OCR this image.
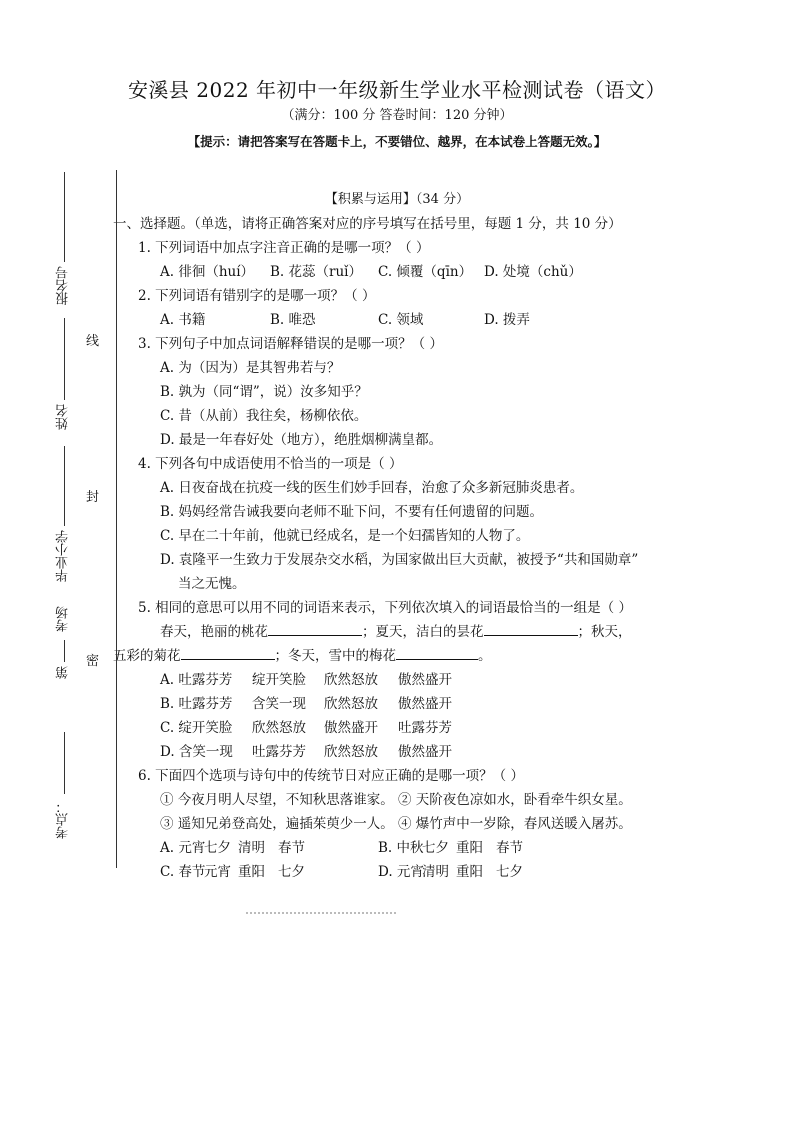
安溪县 2022 年初中一年级新生学业水平检测试卷（语文）
（满分：100 分 答卷时间：120 分钟）
【提示：请把答案写在答题卡上，不要错位、越界，在本试卷上答题无效。】
【积累与运用】（34 分）
一、选择题。（单选，请将正确答案对应的序号填写在括号里，每题 1 分，共 10 分）
1. 下列词语中加点字注音正确的是哪一项？（ ）
A. 徘徊（huí） B. 花蕊（ruǐ） C. 倾覆（qīn） D. 处境（chǔ）
2. 下列词语有错别字的是哪一项？（ ）
A. 书籍	B. 唯恐	C. 领域	D. 拨弄
3. 下列句子中加点词语解释错误的是哪一项？（ ）
A. 为（因为）是其智弗若与？
B. 孰为（同“谓”，说）汝多知乎？
C. 昔（从前）我往矣，杨柳依依。
D. 最是一年春好处（地方），绝胜烟柳满皇都。
4. 下列各句中成语使用不恰当的一项是（ ）
A. 日夜奋战在抗疫一线的医生们妙手回春，治愈了众多新冠肺炎患者。
B. 妈妈经常告诫我要向老师不耻下问，不要有任何遗留的问题。
C. 早在二十年前，他就已经成名，是一个妇孺皆知的人物了。
D. 袁隆平一生致力于发展杂交水稻，为国家做出巨大贡献，被授予“共和国勋章”
当之无愧。
5. 相同的意思可以用不同的词语来表示，下列依次填入的词语最恰当的一组是（ ）
春天，艳丽的桃花	；夏天，洁白的昙花	；秋天，
五彩的菊花	；冬天，雪中的梅花	。
A. 吐露芬芳 绽开笑脸 欣然怒放 傲然盛开
B. 吐露芬芳 含笑一现 欣然怒放 傲然盛开
C. 绽开笑脸 欣然怒放 傲然盛开 吐露芬芳
D. 含笑一现 吐露芬芳 欣然怒放 傲然盛开
6. 下面四个选项与诗句中的传统节日对应正确的是哪一项？（ ）
① 今夜月明人尽望，不知秋思落谁家。 ② 天阶夜色凉如水，卧看牵牛织女星。
③ 遥知兄弟登高处，遍插茱萸少一人。 ④ 爆竹声中一岁除，春风送暖入屠苏。
A. 元宵七夕 清明 春节	B. 中秋七夕 重阳 春节
C. 春节元宵 重阳 七夕	D. 元宵清明 重阳 七夕
报名号
姓名
毕业小学
考场
第
考点：
线
封
密
